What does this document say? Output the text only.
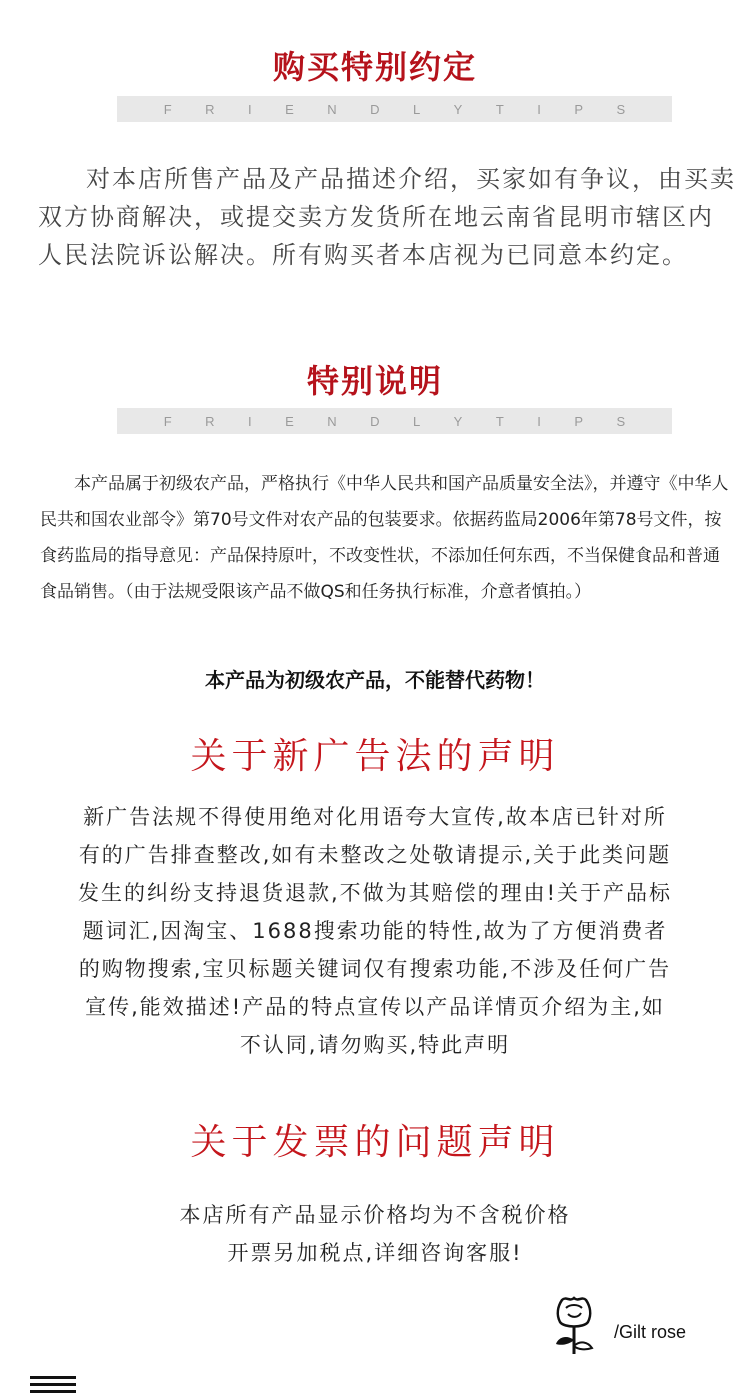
购买特别约定
F	R	I	E	N	D	L	Y	T	I	P	S
对本店所售产品及产品描述介绍，买家如有争议，由买卖双方协商解决，或提交卖方发货所在地云南省昆明市辖区内人民法院诉讼解决。所有购买者本店视为已同意本约定。
特别说明
F	R	I	E	N	D	L	Y	T	I	P	S
本产品属于初级农产品，严格执行《中华人民共和国产品质量安全法》，并遵守《中华人民共和国农业部令》第70号文件对农产品的包装要求。依据药监局2006年第78号文件，按食药监局的指导意见：产品保持原叶，不改变性状，不添加任何东西，不当保健食品和普通食品销售。（由于法规受限该产品不做QS和任务执行标准，介意者慎拍。）
本产品为初级农产品，不能替代药物！
关于新广告法的声明
新广告法规不得使用绝对化用语夸大宣传,故本店已针对所
有的广告排查整改,如有未整改之处敬请提示,关于此类问题
发生的纠纷支持退货退款,不做为其赔偿的理由!关于产品标
题词汇,因淘宝、1688搜索功能的特性,故为了方便消费者
的购物搜索,宝贝标题关键词仅有搜索功能,不涉及任何广告
宣传,能效描述!产品的特点宣传以产品详情页介绍为主,如
不认同,请勿购买,特此声明
关于发票的问题声明
本店所有产品显示价格均为不含税价格
开票另加税点,详细咨询客服!
/Gilt rose
